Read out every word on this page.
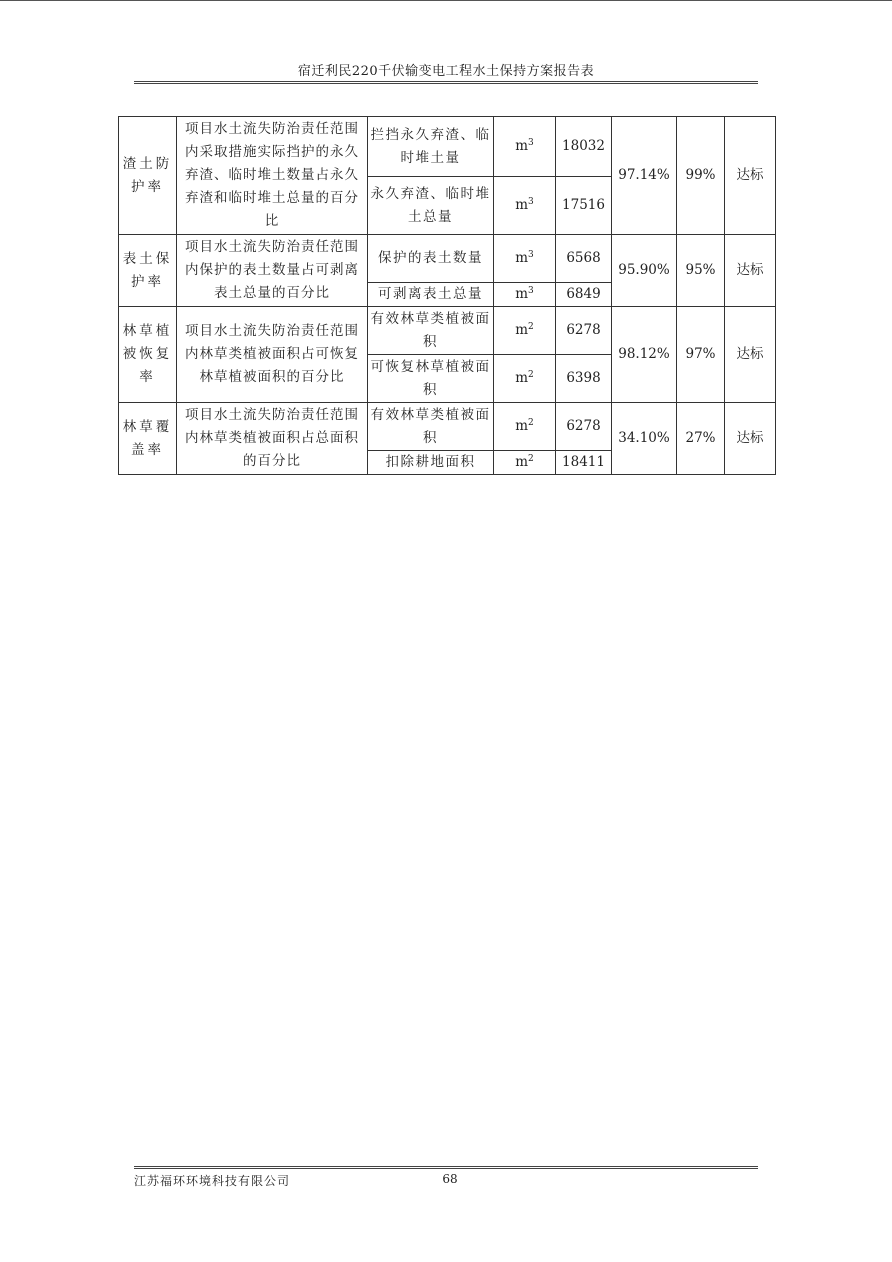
宿迁利民220千伏输变电工程水土保持方案报告表
渣土防护率	项目水土流失防治责任范围内采取措施实际挡护的永久弃渣、临时堆土数量占永久弃渣和临时堆土总量的百分比	拦挡永久弃渣、临时堆土量	$m^3$	18032	97.14%	99%	达标
		永久弃渣、临时堆土总量	$m^3$	17516			
表土保护率	项目水土流失防治责任范围内保护的表土数量占可剥离表土总量的百分比	保护的表土数量	$m^3$	6568	95.90%	95%	达标
		可剥离表土总量	$m^3$	6849			
林草植被恢复率	项目水土流失防治责任范围内林草类植被面积占可恢复林草植被面积的百分比	有效林草类植被面积	$m^2$	6278	98.12%	97%	达标
		可恢复林草植被面积	$m^2$	6398			
林草覆盖率	项目水土流失防治责任范围内林草类植被面积占总面积的百分比	有效林草类植被面积	$m^2$	6278	34.10%	27%	达标
		扣除耕地面积	$m^2$	18411			
江苏福环环境科技有限公司	68
